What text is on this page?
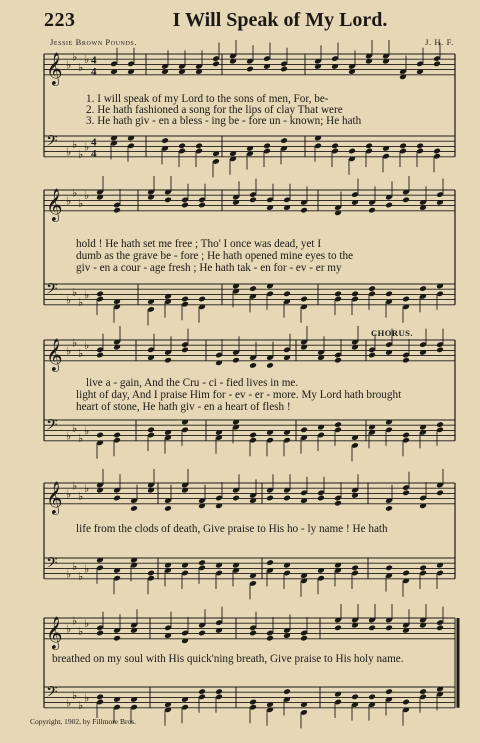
223	I Will Speak of My Lord.
Jessie Brown Pounds.	J. H. F.
𝄞 ♭
♭
♭
♭ 4
4
𝄢 ♭
♭
♭
♭ 4
4
𝄞 ♭
♭
♭
♭
𝄢 ♭
♭
♭
♭
𝄞 ♭
♭
♭
♭
𝄢 ♭
♭
♭
♭
𝄞 ♭
♭
♭
♭
𝄢 ♭
♭
♭
♭
𝄞 ♭
♭
♭
♭
𝄢 ♭
♭
♭
♭
1. I will speak of my Lord to the sons of men, For, be-
2. He hath fashioned a song for the lips of clay That were
3. He hath giv - en a bless - ing be - fore un - known; He hath
hold ! He hath set me free ; Tho' I once was dead, yet I
dumb as the grave be - fore ; He hath opened mine eyes to the
giv - en a cour - age fresh ; He hath tak - en for - ev - er my
CHORUS.
live a - gain, And the Cru - ci - fied lives in me.
light of day, And I praise Him for - ev - er - more. My Lord hath brought
heart of stone, He hath giv - en a heart of flesh !
life from the clods of death, Give praise to His ho - ly name ! He hath
breathed on my soul with His quick'ning breath, Give praise to His holy name.
Copyright, 1902, by Fillmore Bros.
